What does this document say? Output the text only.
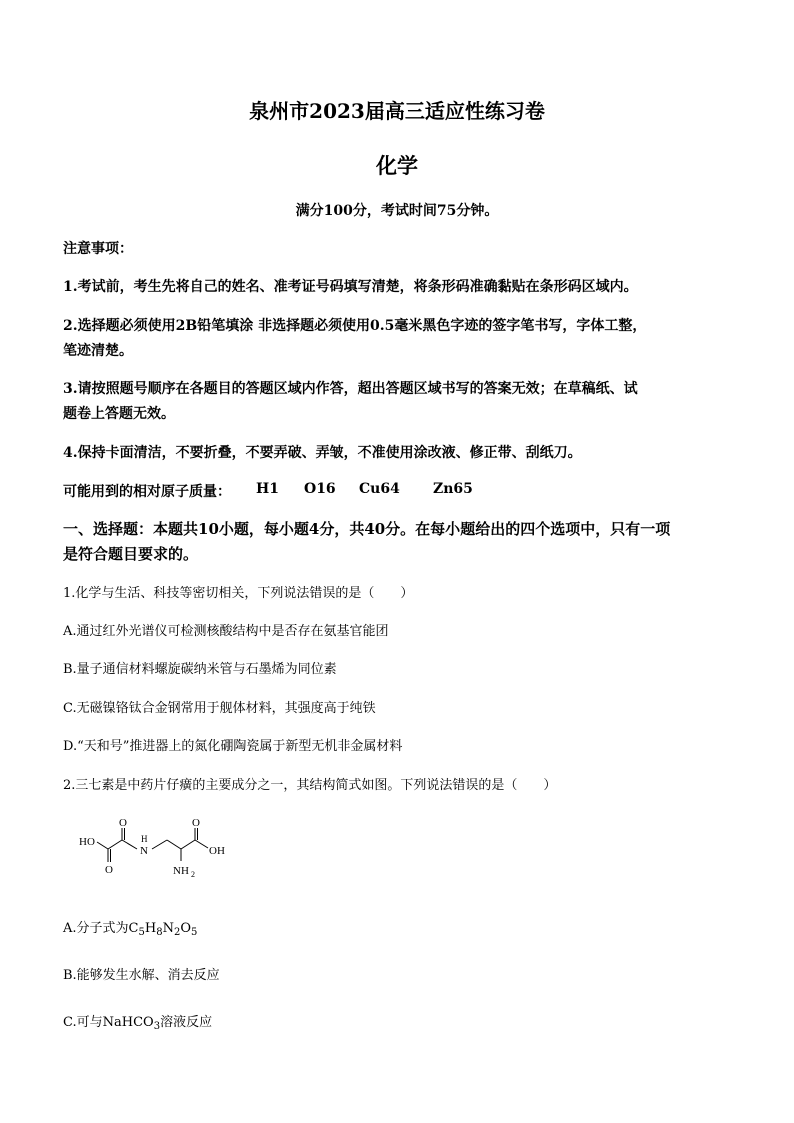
泉州市2023届高三适应性练习卷
化学
满分100分，考试时间75分钟。
注意事项：
1.考试前，考生先将自己的姓名、准考证号码填写清楚，将条形码准确黏贴在条形码区域内。
2.选择题必须使用2B铅笔填涂 非选择题必须使用0.5毫米黑色字迹的签字笔书写，字体工整，
笔迹清楚。
3.请按照题号顺序在各题目的答题区域内作答，超出答题区域书写的答案无效；在草稿纸、试
题卷上答题无效。
4.保持卡面清洁，不要折叠，不要弄破、弄皱，不准使用涂改液、修正带、刮纸刀。
可能用到的相对原子质量： H1 O16 Cu64 Zn65
一、选择题：本题共10小题，每小题4分，共40分。在每小题给出的四个选项中，只有一项
是符合题目要求的。
1.化学与生活、科技等密切相关，下列说法错误的是（　　）
A.通过红外光谱仪可检测核酸结构中是否存在氨基官能团
B.量子通信材料螺旋碳纳米管与石墨烯为同位素
C.无磁镍铬钛合金钢常用于舰体材料，其强度高于纯铁
D.“天和号”推进器上的氮化硼陶瓷属于新型无机非金属材料
2.三七素是中药片仔癀的主要成分之一，其结构简式如图。下列说法错误的是（　　）
HO
O
O
N
H
O
OH
NH 2
A.分子式为$C_5H_8N_2O_5$
B.能够发生水解、消去反应
C.可与NaHCO$_3$溶液反应
